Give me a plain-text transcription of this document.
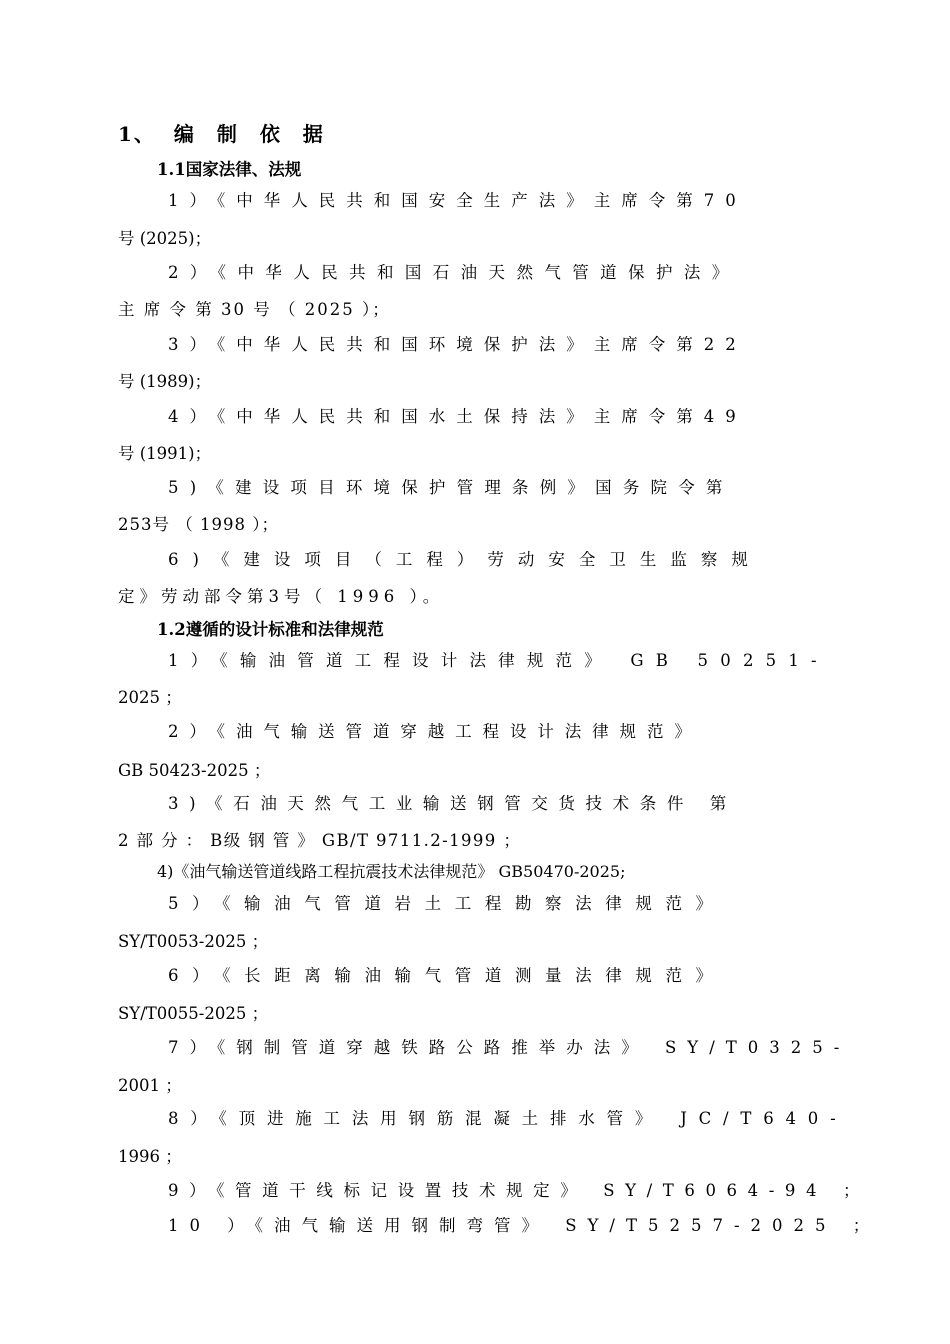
1、 编 制 依 据
1.1国家法律、法规
1）《中华人民共和国安全生产法》主席令第70
号 (2025)；
2）《中华人民共和国石油天然气管道保护法》
主 席 令 第 30 号 （ 2025 ）；
3）《中华人民共和国环境保护法》主席令第22
号 (1989)；
4）《中华人民共和国水土保持法》主席令第49
号 (1991)；
5)《建设项目环境保护管理条例》国务院令第
253号 （ 1998 ）；
6)《建设项目（工程）劳动安全卫生监察规
定》劳动部令第3号（ 1996 ）。
1.2遵循的设计标准和法律规范
1）《输油管道工程设计法律规范》 GB 50251-
2025 ；
2）《油气输送管道穿越工程设计法律规范》
GB 50423-2025 ；
3)《石油天然气工业输送钢管交货技术条件 第
2 部 分 ： B级 钢 管 》 GB/T 9711.2-1999 ；
4)《油气输送管道线路工程抗震技术法律规范》 GB50470-2025;
5）《输油气管道岩土工程勘察法律规范》
SY/T0053-2025 ；
6）《长距离输油输气管道测量法律规范》
SY/T0055-2025 ；
7）《钢制管道穿越铁路公路推举办法》 SY/T0325-
2001 ；
8）《顶进施工法用钢筋混凝土排水管》 JC/T640-
1996 ；
9）《管道干线标记设置技术规定》 SY/T6064-94 ；
10 ）《油气输送用钢制弯管》 SY/T5257-2025 ；
